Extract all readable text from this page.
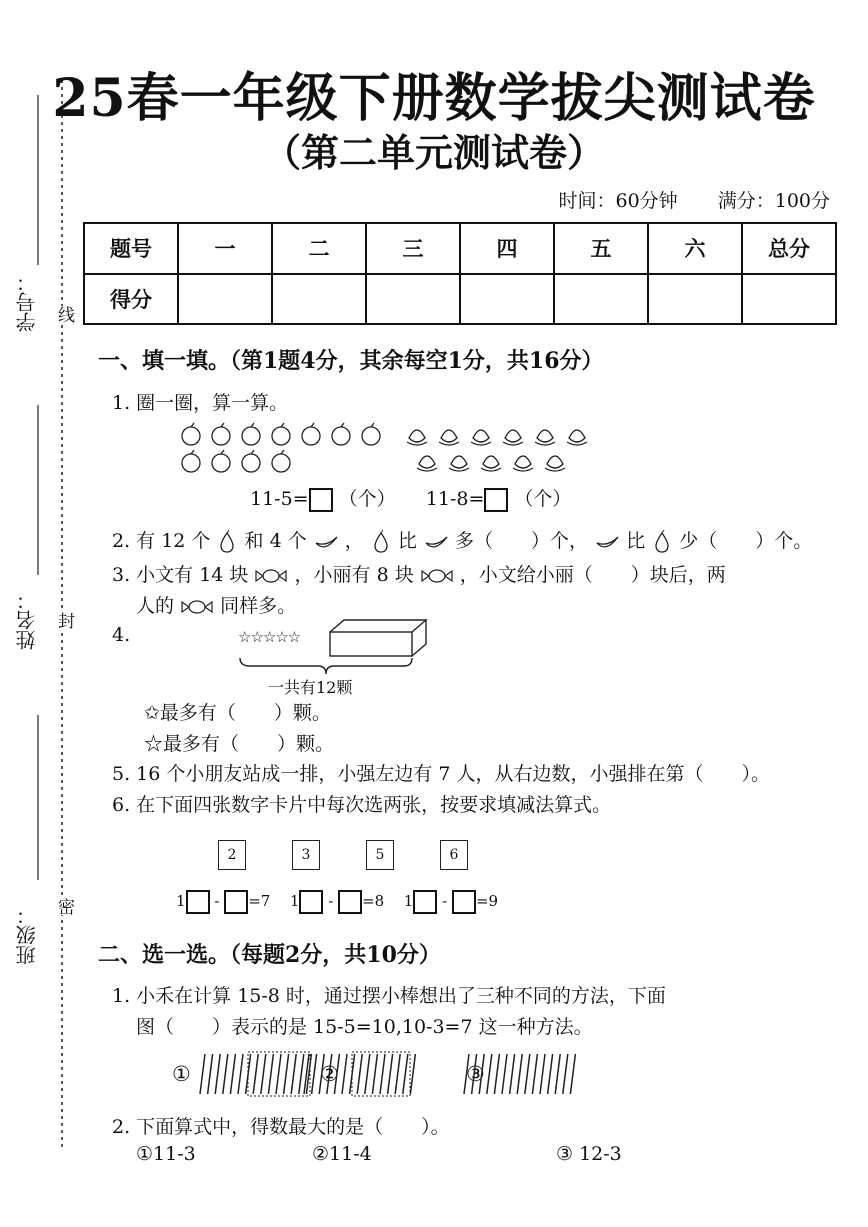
学号：
姓名：
班级：
线
封
密
25春一年级下册数学拔尖测试卷
（第二单元测试卷）
时间：60分钟 满分：100分
题号	一	二	三	四	五	六	总分
得分							
一、填一填。（第1题4分，其余每空1分，共16分）
1. 圈一圈，算一算。
11-5= （个） 11-8= （个）
2. 有 12 个 和 4 个 ， 比 多（　　）个， 比 少（　　）个。
3. 小文有 14 块 ，小丽有 8 块 ，小文给小丽（　　）块后，两
人的 同样多。
4.	☆☆☆☆☆
一共有12颗
✩最多有（　　）颗。
☆最多有（　　）颗。
5. 16 个小朋友站成一排，小强左边有 7 人，从右边数，小强排在第（　　）。
6. 在下面四张数字卡片中每次选两张，按要求填减法算式。
2	3	5	6
1 - =7 1 - =8 1 - =9
二、选一选。（每题2分，共10分）
1. 小禾在计算 15-8 时，通过摆小棒想出了三种不同的方法，下面
图（　　）表示的是 15-5=10,10-3=7 这一种方法。
①	②	③
2. 下面算式中，得数最大的是（　　）。
①11-3	②11-4	③ 12-3
